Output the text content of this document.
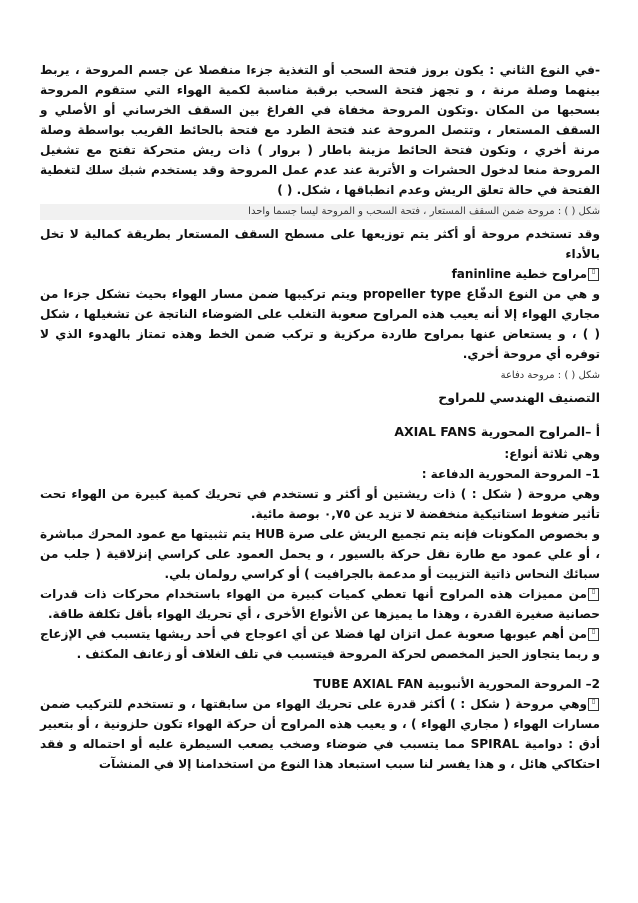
-في النوع الثاني : يكون بروز فتحة السحب أو التغذية جزءا منفصلا عن جسم المروحة ، يربط بينهما وصلة مرنة ، و تجهز فتحة السحب برقبة مناسبة لكمية الهواء التي ستقوم المروحة بسحبها من المكان .وتكون المروحة مخفاة في الفراغ بين السقف الخرساني أو الأصلي و السقف المستعار ، وتتصل المروحة عند فتحة الطرد مع فتحة بالحائط القريب بواسطة وصلة مرنة أخري ، وتكون فتحة الحائط مزينة باطار ( بروار ) ذات ريش متحركة تفتح مع تشغيل المروحة منعا لدخول الحشرات و الأتربة عند عدم عمل المروحة وقد يستخدم شبك سلك لتغطية الفتحة في حالة تعلق الريش وعدم انطباقها ، شكل. ( )

شكل ( ) : مروحة ضمن السقف المستعار ، فتحة السحب و المروحة ليسا جسما واحدا

وقد تستخدم مروحة أو أكثر يتم توزيعها على مسطح السقف المستعار بطريقة كمالية لا تخل بالأداء

▯مراوح خطية faninline

و هي من النوع الدفّاع propeller type ويتم تركيبها ضمن مسار الهواء بحيث تشكل جزءا من مجاري الهواء إلا أنه يعيب هذه المراوح صعوبة التغلب على الضوضاء الناتجة عن تشغيلها ، شكل ( ) ، و يستعاض عنها بمراوح طاردة مركزية و تركب ضمن الخط وهذه تمتاز بالهدوء الذي لا توفره أي مروحة أخري.

شكل ( ) : مروحة دفاعة
التصنيف الهندسي للمراوح
أ –المراوح المحورية AXIAL FANS

وهي ثلاثة أنواع:

1– المروحة المحورية الدفاعة :

وهي مروحة ( شكل : ) ذات ريشتين أو أكثر و تستخدم في تحريك كمية كبيرة من الهواء تحت تأثير ضغوط استاتيكية منخفضة لا تزيد عن ٠,٧٥ بوصة مائية.

و بخصوص المكونات فإنه يتم تجميع الريش على صرة HUB يتم تثبيتها مع عمود المحرك مباشرة ، أو علي عمود مع طارة نقل حركة بالسيور ، و يحمل العمود على كراسي إنزلاقية ( جلب من سبائك النحاس ذاتية التزييت أو مدعمة بالجرافيت ) أو كراسي رولمان بلي.

▯من مميزات هذه المراوح أنها تعطي كميات كبيرة من الهواء باستخدام محركات ذات قدرات حصانية صغيرة القدرة ، وهذا ما يميزها عن الأنواع الأخرى ، أي تحريك الهواء بأقل تكلفة طاقة.

▯من أهم عيوبها صعوبة عمل اتزان لها فضلا عن أي اعوجاج في أحد ريشها يتسبب في الإزعاج و ربما يتجاوز الحيز المخصص لحركة المروحة فيتسبب في تلف الغلاف أو زعانف المكثف .

2– المروحة المحورية الأنبوبية TUBE AXIAL FAN

▯وهي مروحة ( شكل : ) أكثر قدرة على تحريك الهواء من سابقتها ، و تستخدم للتركيب ضمن مسارات الهواء ( مجاري الهواء ) ، و يعيب هذه المراوح أن حركة الهواء تكون حلزونية ، أو بتعبير أدق : دوامية SPIRAL مما يتسبب في ضوضاء وصخب يصعب السيطرة عليه أو احتماله و فقد احتكاكي هائل ، و هذا يفسر لنا سبب استبعاد هذا النوع من استخدامنا إلا في المنشآت
